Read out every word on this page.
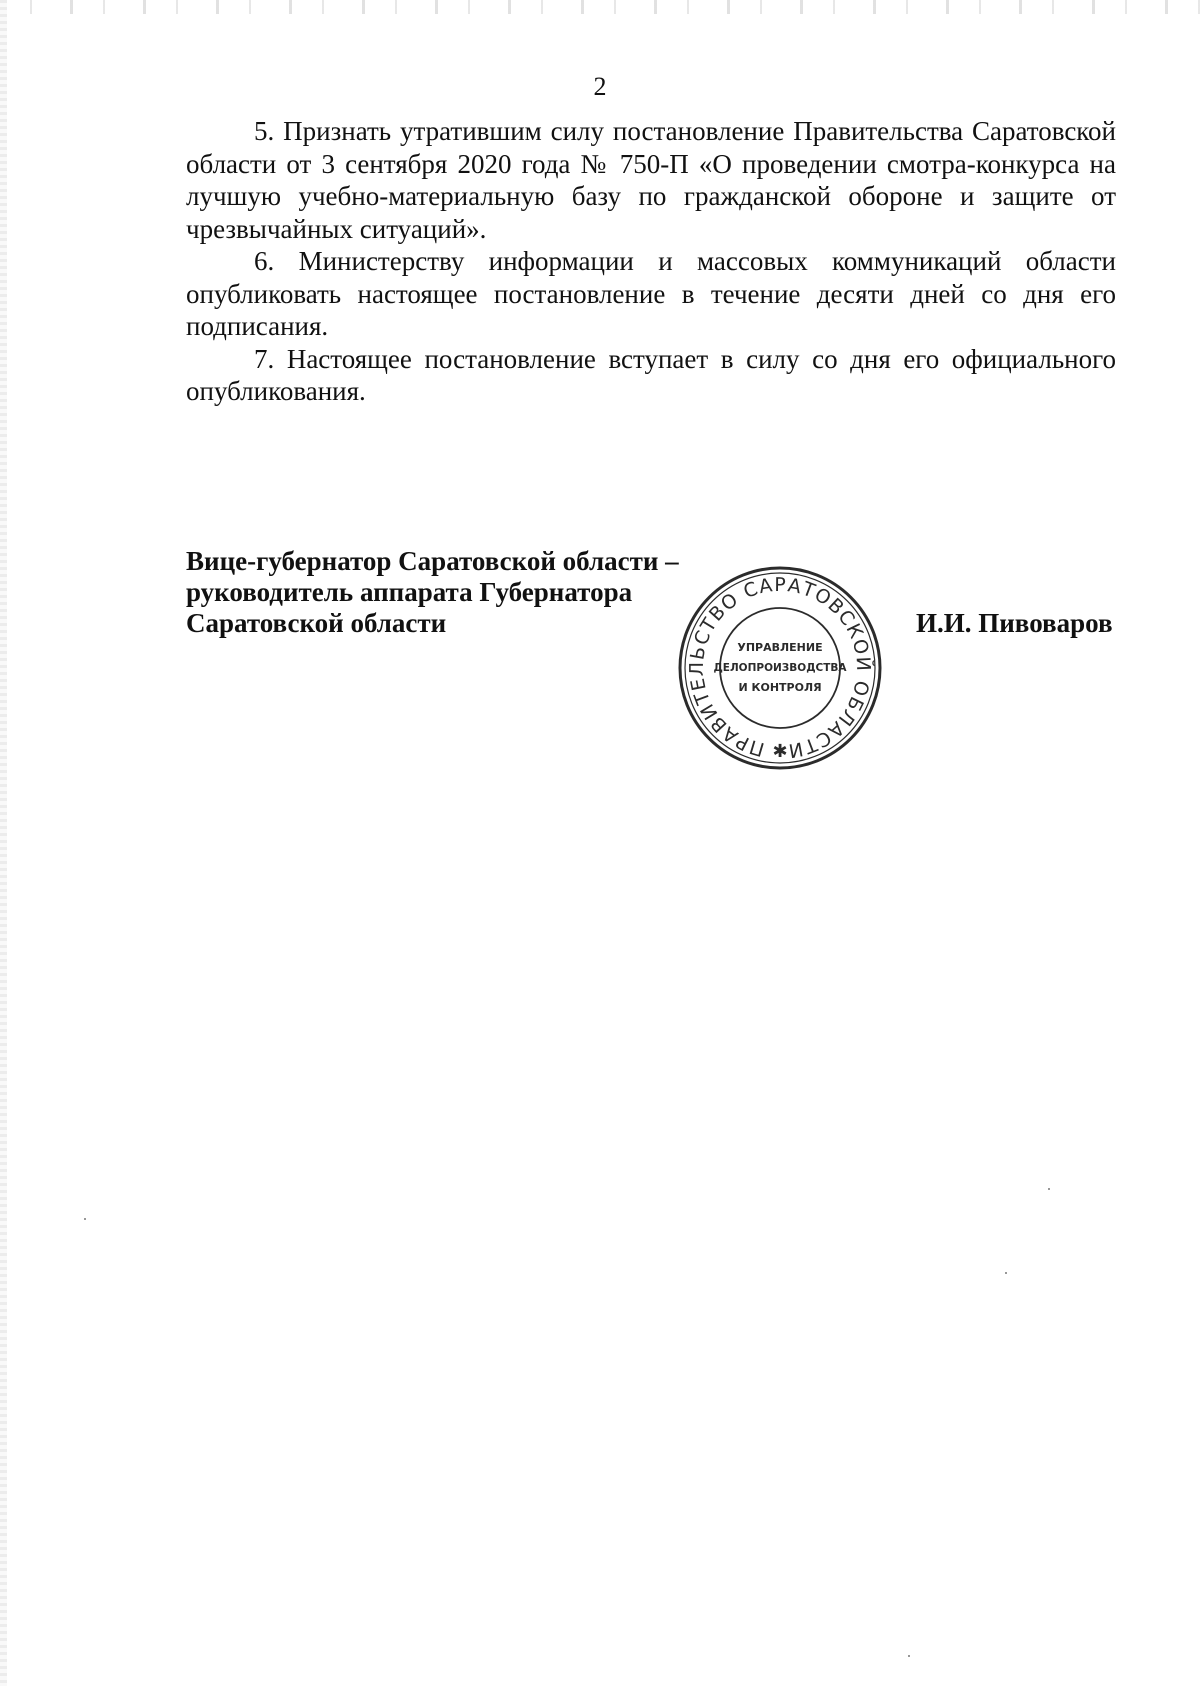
2

5. Признать утратившим силу постановление Правительства Саратовской области от 3 сентября 2020 года № 750-П «О проведении смотра-конкурса на лучшую учебно-материальную базу по гражданской обороне и защите от чрезвычайных ситуаций».

6. Министерству информации и массовых коммуникаций области опубликовать настоящее постановление в течение десяти дней со дня его подписания.

7. Настоящее постановление вступает в силу со дня его официального опубликования.

Вице-губернатор Саратовской области –
руководитель аппарата Губернатора
Саратовской области	И.И. Пивоваров
ПРАВИТЕЛЬСТВО САРАТОВСКОЙ ОБЛАСТИ
УПРАВЛЕНИЕ
ДЕЛОПРОИЗВОДСТВА
И КОНТРОЛЯ
✱
